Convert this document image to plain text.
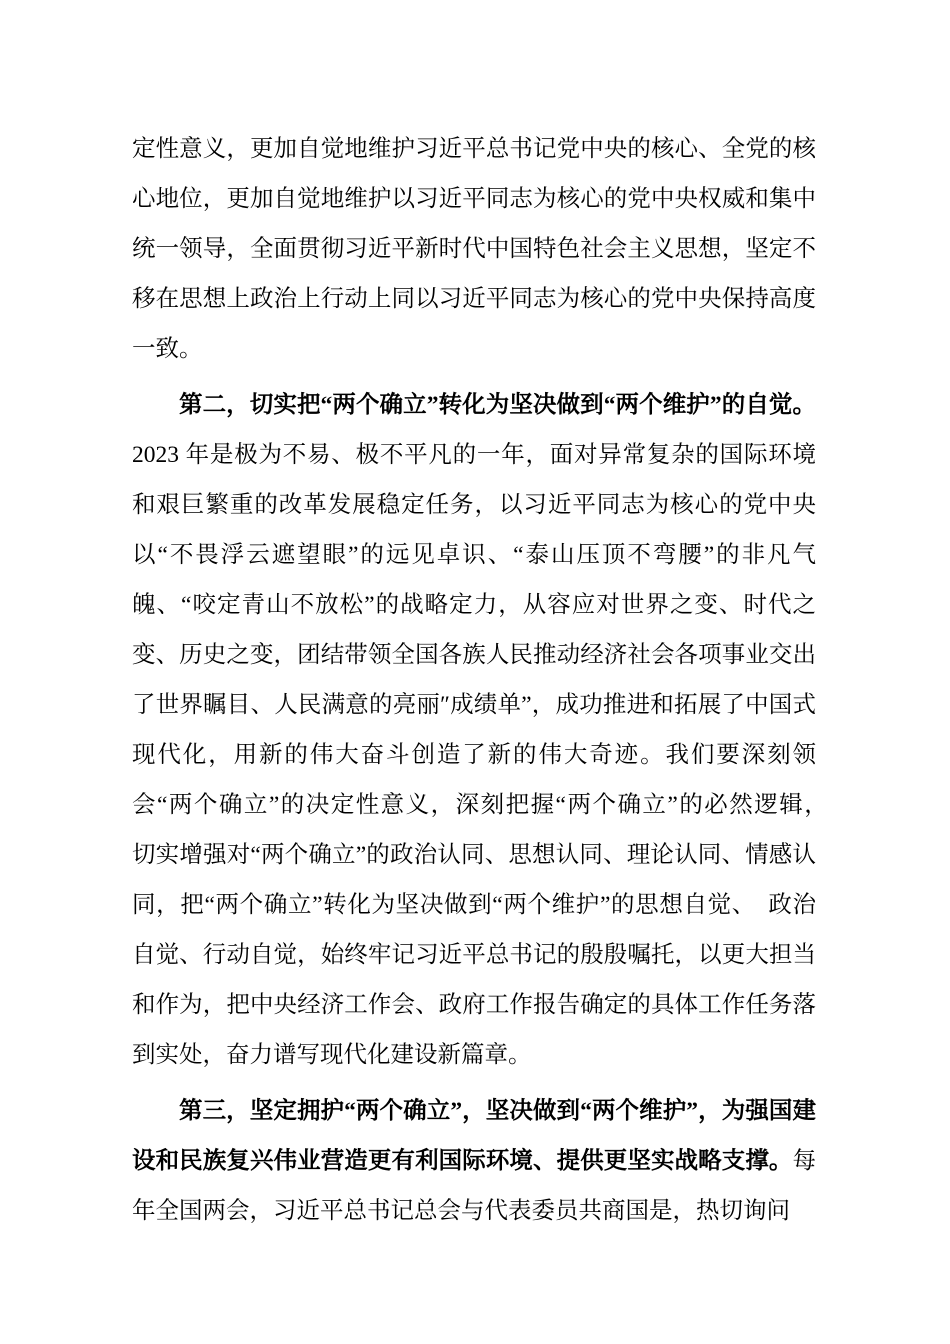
定性意义，更加自觉地维护习近平总书记党中央的核心、全党的核心地位，更加自觉地维护以习近平同志为核心的党中央权威和集中统一领导，全面贯彻习近平新时代中国特色社会主义思想，坚定不移在思想上政治上行动上同以习近平同志为核心的党中央保持高度一致。

第二，切实把“两个确立”转化为坚决做到“两个维护”的自觉。2023 年是极为不易、极不平凡的一年，面对异常复杂的国际环境和艰巨繁重的改革发展稳定任务，以习近平同志为核心的党中央以“不畏浮云遮望眼”的远见卓识、“泰山压顶不弯腰”的非凡气魄、“咬定青山不放松”的战略定力，从容应对世界之变、时代之变、历史之变，团结带领全国各族人民推动经济社会各项事业交出了世界瞩目、人民满意的亮丽″成绩单”，成功推进和拓展了中国式现代化，用新的伟大奋斗创造了新的伟大奇迹。我们要深刻领会“两个确立”的决定性意义，深刻把握“两个确立”的必然逻辑，　切实增强对“两个确立”的政治认同、思想认同、理论认同、情感认同，把“两个确立”转化为坚决做到“两个维护”的思想自觉、　政治自觉、行动自觉，始终牢记习近平总书记的殷殷嘱托，以更大担当和作为，把中央经济工作会、政府工作报告确定的具体工作任务落到实处，奋力谱写现代化建设新篇章。

第三，坚定拥护“两个确立”，坚决做到“两个维护”，为强国建设和民族复兴伟业营造更有利国际环境、提供更坚实战略支撑。每年全国两会，习近平总书记总会与代表委员共商国是，热切询问
